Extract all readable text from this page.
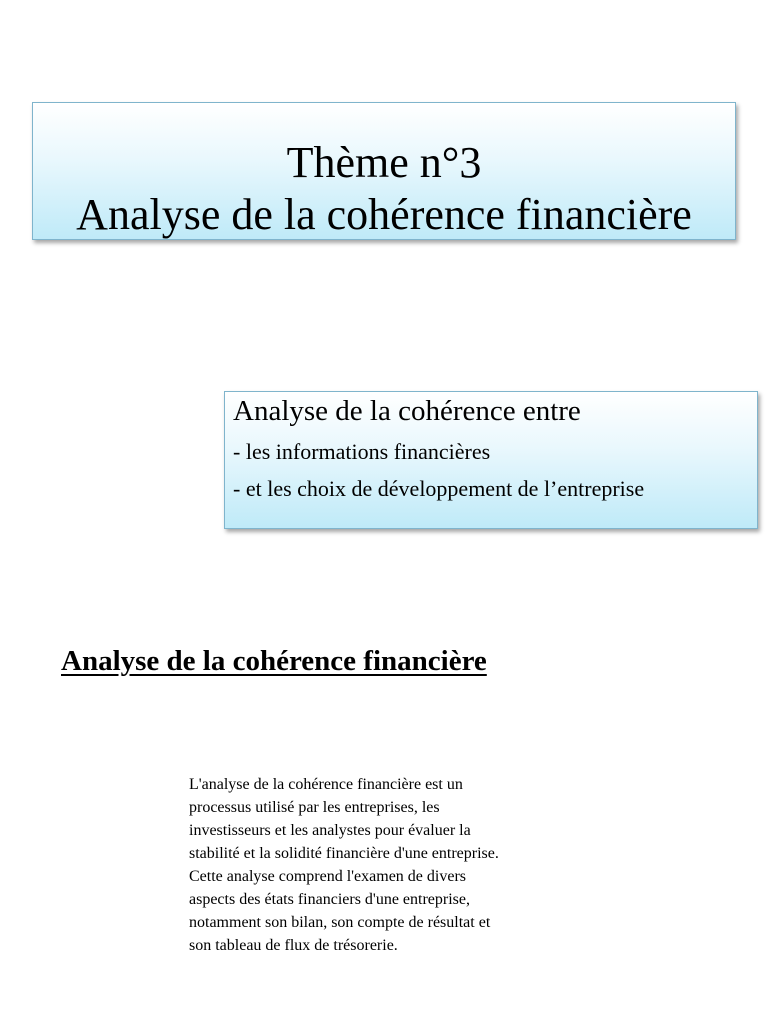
Thème n°3
Analyse de la cohérence financière
Analyse de la cohérence entre
- les informations financières
- et les choix de développement de l’entreprise
Analyse de la cohérence financière
L'analyse de la cohérence financière est un
processus utilisé par les entreprises, les
investisseurs et les analystes pour évaluer la
stabilité et la solidité financière d'une entreprise.
Cette analyse comprend l'examen de divers
aspects des états financiers d'une entreprise,
notamment son bilan, son compte de résultat et
son tableau de flux de trésorerie.
